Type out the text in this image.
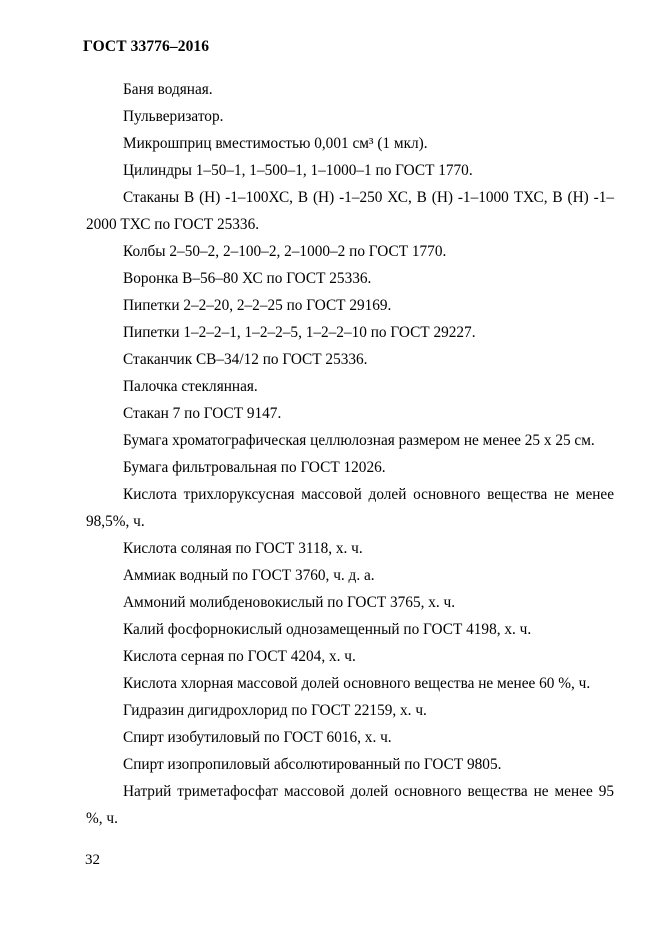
ГОСТ 33776–2016

Баня водяная.

Пульверизатор.

Микрошприц вместимостью 0,001 см³ (1 мкл).

Цилиндры 1–50–1, 1–500–1, 1–1000–1 по ГОСТ 1770.

Стаканы B (Н) -1–100ХС, B (Н) -1–250 ХС, B (Н) -1–1000 ТХС, B (Н) -1–2000 ТХС по ГОСТ 25336.

Колбы 2–50–2, 2–100–2, 2–1000–2 по ГОСТ 1770.

Воронка В–56–80 ХС по ГОСТ 25336.

Пипетки 2–2–20, 2–2–25 по ГОСТ 29169.

Пипетки 1–2–2–1, 1–2–2–5, 1–2–2–10 по ГОСТ 29227.

Стаканчик СВ–34/12 по ГОСТ 25336.

Палочка стеклянная.

Стакан 7 по ГОСТ 9147.

Бумага хроматографическая целлюлозная размером не менее 25 х 25 см.

Бумага фильтровальная по ГОСТ 12026.

Кислота трихлоруксусная массовой долей основного вещества не менее 98,5%, ч.

Кислота соляная по ГОСТ 3118, х. ч.

Аммиак водный по ГОСТ 3760, ч. д. а.

Аммоний молибденовокислый по ГОСТ 3765, х. ч.

Калий фосфорнокислый однозамещенный по ГОСТ 4198, х. ч.

Кислота серная по ГОСТ 4204, х. ч.

Кислота хлорная массовой долей основного вещества не менее 60 %, ч.

Гидразин дигидрохлорид по ГОСТ 22159, х. ч.

Спирт изобутиловый по ГОСТ 6016, х. ч.

Спирт изопропиловый абсолютированный по ГОСТ 9805.

Натрий триметафосфат массовой долей основного вещества не менее 95 %, ч.

32
